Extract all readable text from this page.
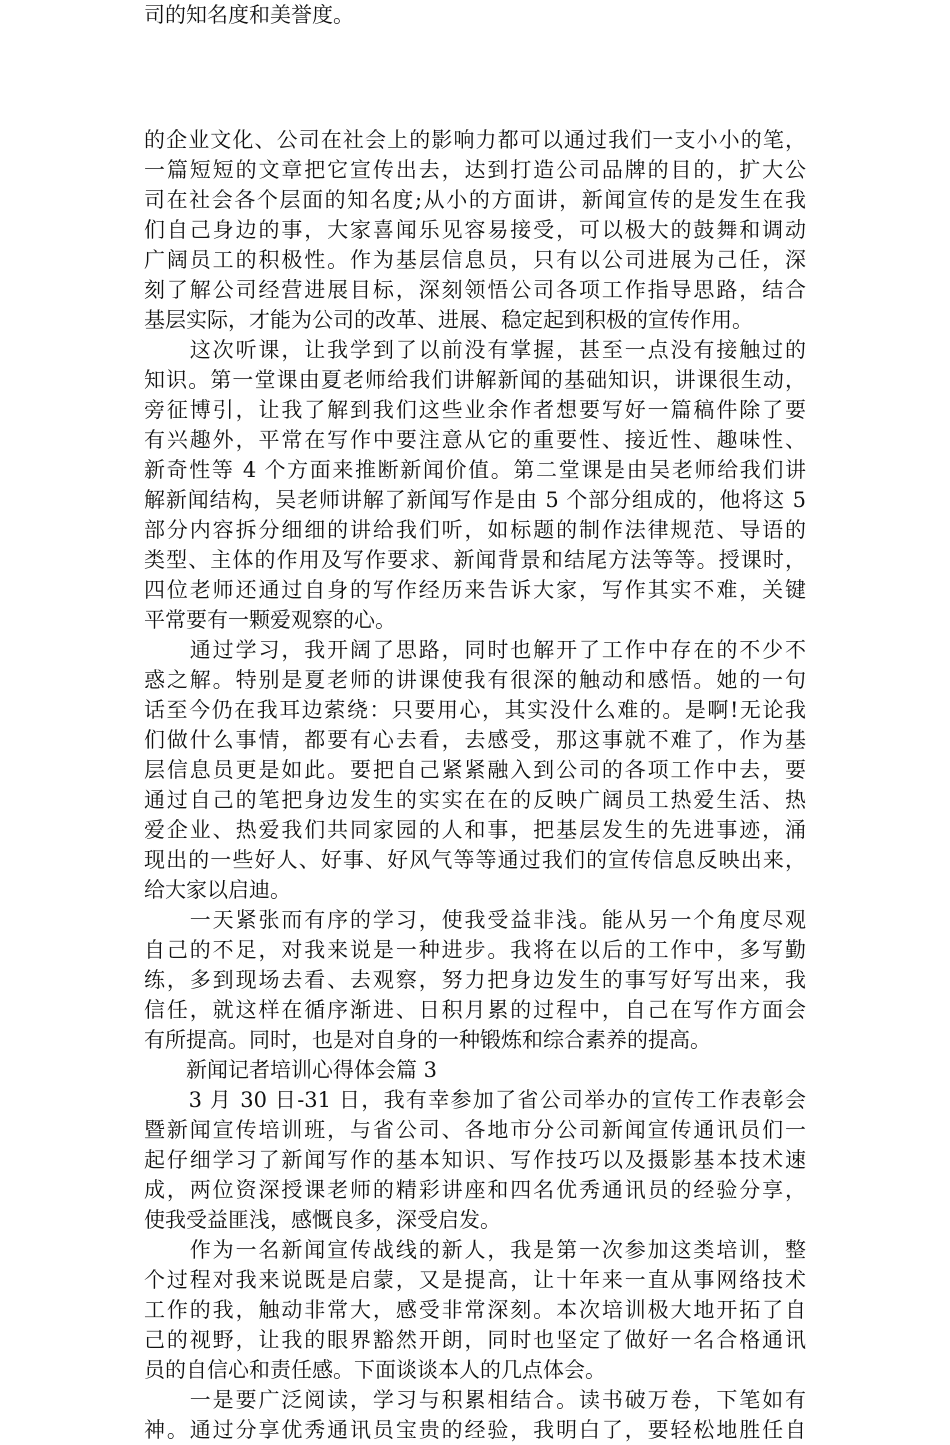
司的知名度和美誉度。
的企业文化、公司在社会上的影响力都可以通过我们一支小小的笔，
一篇短短的文章把它宣传出去，达到打造公司品牌的目的，扩大公
司在社会各个层面的知名度;从小的方面讲，新闻宣传的是发生在我
们自己身边的事，大家喜闻乐见容易接受，可以极大的鼓舞和调动
广阔员工的积极性。作为基层信息员，只有以公司进展为己任，深
刻了解公司经营进展目标，深刻领悟公司各项工作指导思路，结合
基层实际，才能为公司的改革、进展、稳定起到积极的宣传作用。
　　这次听课，让我学到了以前没有掌握，甚至一点没有接触过的
知识。第一堂课由夏老师给我们讲解新闻的基础知识，讲课很生动，
旁征博引，让我了解到我们这些业余作者想要写好一篇稿件除了要
有兴趣外，平常在写作中要注意从它的重要性、接近性、趣味性、
新奇性等 4 个方面来推断新闻价值。第二堂课是由吴老师给我们讲
解新闻结构，吴老师讲解了新闻写作是由 5 个部分组成的，他将这 5
部分内容拆分细细的讲给我们听，如标题的制作法律规范、导语的
类型、主体的作用及写作要求、新闻背景和结尾方法等等。授课时，
四位老师还通过自身的写作经历来告诉大家，写作其实不难，关键
平常要有一颗爱观察的心。
　　通过学习，我开阔了思路，同时也解开了工作中存在的不少不
惑之解。特别是夏老师的讲课使我有很深的触动和感悟。她的一句
话至今仍在我耳边萦绕：只要用心，其实没什么难的。是啊!无论我
们做什么事情，都要有心去看，去感受，那这事就不难了，作为基
层信息员更是如此。要把自己紧紧融入到公司的各项工作中去，要
通过自己的笔把身边发生的实实在在的反映广阔员工热爱生活、热
爱企业、热爱我们共同家园的人和事，把基层发生的先进事迹，涌
现出的一些好人、好事、好风气等等通过我们的宣传信息反映出来，
给大家以启迪。
　　一天紧张而有序的学习，使我受益非浅。能从另一个角度尽观
自己的不足，对我来说是一种进步。我将在以后的工作中，多写勤
练，多到现场去看、去观察，努力把身边发生的事写好写出来，我
信任，就这样在循序渐进、日积月累的过程中，自己在写作方面会
有所提高。同时，也是对自身的一种锻炼和综合素养的提高。
　　新闻记者培训心得体会篇 3
　　3 月 30 日-31 日，我有幸参加了省公司举办的宣传工作表彰会
暨新闻宣传培训班，与省公司、各地市分公司新闻宣传通讯员们一
起仔细学习了新闻写作的基本知识、写作技巧以及摄影基本技术速
成，两位资深授课老师的精彩讲座和四名优秀通讯员的经验分享，
使我受益匪浅，感慨良多，深受启发。
　　作为一名新闻宣传战线的新人，我是第一次参加这类培训，整
个过程对我来说既是启蒙，又是提高，让十年来一直从事网络技术
工作的我，触动非常大，感受非常深刻。本次培训极大地开拓了自
己的视野，让我的眼界豁然开朗，同时也坚定了做好一名合格通讯
员的自信心和责任感。下面谈谈本人的几点体会。
　　一是要广泛阅读，学习与积累相结合。读书破万卷，下笔如有
神。通过分享优秀通讯员宝贵的经验，我明白了，要轻松地胜任自
